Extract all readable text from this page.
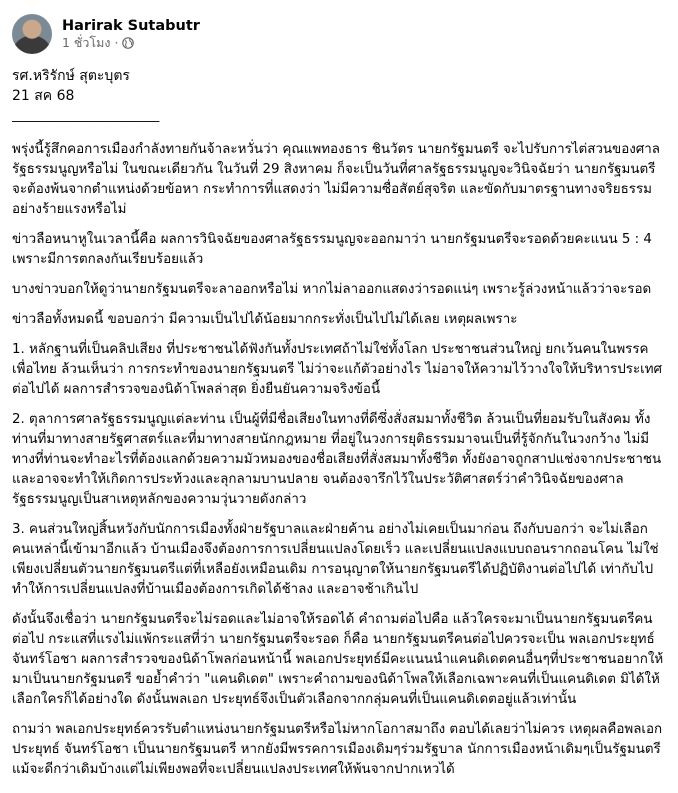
Harirak Sutabutr
1 ชั่วโมง ·

รศ.หริรักษ์ สุตะบุตร

21 สค 68

______________________

พรุ่งนี้รู้สึกคอการเมืองกำลังทายกันจ้าละหวั่นว่า คุณแพทองธาร ชินวัตร นายกรัฐมนตรี จะไปรับการไต่สวนของศาลรัฐธรรมนูญหรือไม่ ในขณะเดียวกัน ในวันที่ 29 สิงหาคม ก็จะเป็นวันที่ศาลรัฐธรรมนูญจะวินิจฉัยว่า นายกรัฐมนตรีจะต้องพ้นจากตำแหน่งด้วยข้อหา กระทำการที่แสดงว่า ไม่มีความซื่อสัตย์สุจริต และขัดกับมาตรฐานทางจริยธรรมอย่างร้ายแรงหรือไม่

ข่าวลือหนาหูในเวลานี้คือ ผลการวินิจฉัยของศาลรัฐธรรมนูญจะออกมาว่า นายกรัฐมนตรีจะรอดด้วยคะแนน 5 : 4 เพราะมีการตกลงกันเรียบร้อยแล้ว

บางข่าวบอกให้ดูว่านายกรัฐมนตรีจะลาออกหรือไม่ หากไม่ลาออกแสดงว่ารอดแน่ๆ เพราะรู้ล่วงหน้าแล้วว่าจะรอด

ข่าวลือทั้งหมดนี้ ขอบอกว่า มีความเป็นไปได้น้อยมากกระทั่งเป็นไปไม่ได้เลย เหตุผลเพราะ

1. หลักฐานที่เป็นคลิปเสียง ที่ประชาชนได้ฟังกันทั้งประเทศถ้าไม่ใช่ทั้งโลก ประชาชนส่วนใหญ่ ยกเว้นคนในพรรคเพื่อไทย ล้วนเห็นว่า การกระทำของนายกรัฐมนตรี ไม่ว่าจะแก้ตัวอย่างไร ไม่อาจให้ความไว้วางใจให้บริหารประเทศต่อไปได้ ผลการสำรวจของนิด้าโพลล่าสุด ยิ่งยืนยันความจริงข้อนี้

2. ตุลาการศาลรัฐธรรมนูญแต่ละท่าน เป็นผู้ที่มีชื่อเสียงในทางที่ดีซึ่งสั่งสมมาทั้งชีวิต ล้วนเป็นที่ยอมรับในสังคม ทั้งท่านที่มาทางสายรัฐศาสตร์และที่มาทางสายนักกฎหมาย ที่อยู่ในวงการยุติธรรมมาจนเป็นที่รู้จักกันในวงกว้าง ไม่มีทางที่ท่านจะทำอะไรที่ต้องแลกด้วยความมัวหมองของชื่อเสียงที่สั่งสมมาทั้งชีวิต ทั้งยังอาจถูกสาปแช่งจากประชาชน และอาจจะทำให้เกิดการประท้วงและลุกลามบานปลาย จนต้องจารึกไว้ในประวัติศาสตร์ว่าคำวินิจฉัยของศาลรัฐธรรมนูญเป็นสาเหตุหลักของความวุ่นวายดังกล่าว

3. คนส่วนใหญ่สิ้นหวังกับนักการเมืองทั้งฝ่ายรัฐบาลและฝ่ายค้าน อย่างไม่เคยเป็นมาก่อน ถึงกับบอกว่า จะไม่เลือกคนเหล่านี้เข้ามาอีกแล้ว บ้านเมืองจึงต้องการการเปลี่ยนแปลงโดยเร็ว และเปลี่ยนแปลงแบบถอนรากถอนโคน ไม่ใช่เพียงเปลี่ยนตัวนายกรัฐมนตรีแต่ที่เหลือยังเหมือนเดิม การอนุญาตให้นายกรัฐมนตรีได้ปฏิบัติงานต่อไปได้ เท่ากับไปทำให้การเปลี่ยนแปลงที่บ้านเมืองต้องการเกิดได้ช้าลง และอาจช้าเกินไป

ดังนั้นจึงเชื่อว่า นายกรัฐมนตรีจะไม่รอดและไม่อาจให้รอดได้ คำถามต่อไปคือ แล้วใครจะมาเป็นนายกรัฐมนตรีคนต่อไป กระแสที่แรงไม่แพ้กระแสที่ว่า นายกรัฐมนตรีจะรอด ก็คือ นายกรัฐมนตรีคนต่อไปควรจะเป็น พลเอกประยุทธ์ จันทร์โอชา ผลการสำรวจของนิด้าโพลก่อนหน้านี้ พลเอกประยุทธ์มีคะแนนนำแคนดิเดตคนอื่นๆที่ประชาชนอยากให้มาเป็นนายกรัฐมนตรี ขอย้ำคำว่า "แคนดิเดต" เพราะคำถามของนิด้าโพลให้เลือกเฉพาะคนที่เป็นแคนดิเดต มิได้ให้เลือกใครก็ได้อย่างใด ดังนั้นพลเอก ประยุทธ์จึงเป็นตัวเลือกจากกลุ่มคนที่เป็นแคนดิเดตอยู่แล้วเท่านั้น

ถามว่า พลเอกประยุทธ์ควรรับตำแหน่งนายกรัฐมนตรีหรือไม่หากโอกาสมาถึง ตอบได้เลยว่าไม่ควร เหตุผลคือพลเอกประยุทธ์ จันทร์โอชา เป็นนายกรัฐมนตรี หากยังมีพรรคการเมืองเดิมๆร่วมรัฐบาล นักการเมืองหน้าเดิมๆเป็นรัฐมนตรี แม้จะดีกว่าเดิมบ้างแต่ไม่เพียงพอที่จะเปลี่ยนแปลงประเทศให้พ้นจากปากเหวได้
